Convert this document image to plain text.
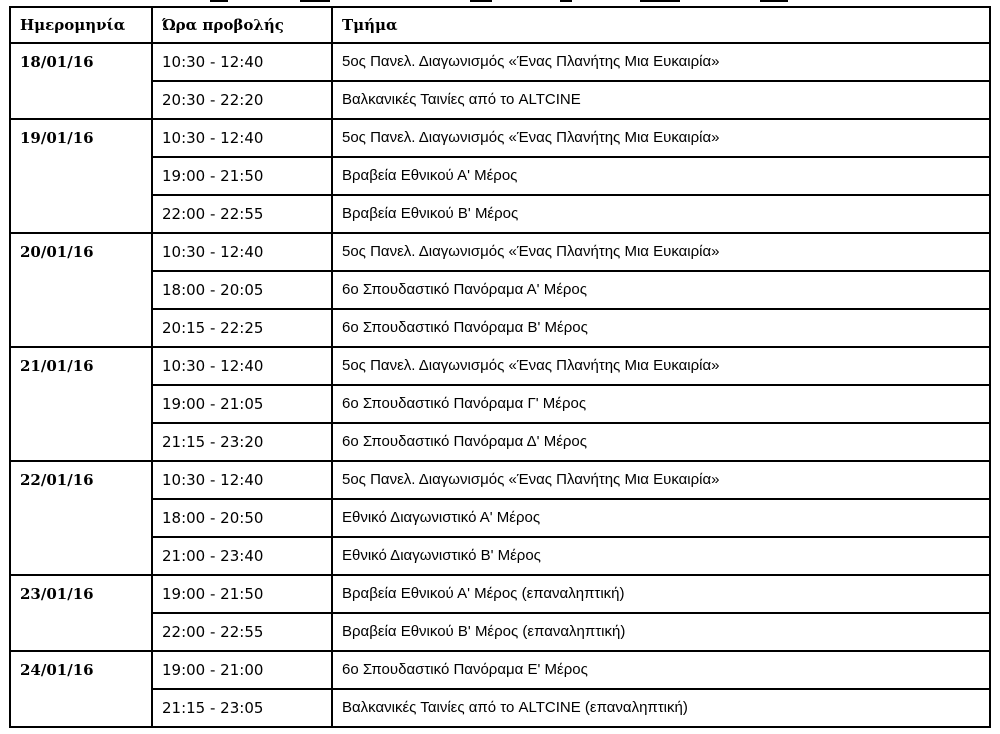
Ημερομηνία	Ώρα προβολής	Τμήμα
18/01/16	10:30 - 12:40	5ος Πανελ. Διαγωνισμός «Ένας Πλανήτης Μια Ευκαιρία»
	20:30 - 22:20	Βαλκανικές Ταινίες από το ALTCINE
19/01/16	10:30 - 12:40	5ος Πανελ. Διαγωνισμός «Ένας Πλανήτης Μια Ευκαιρία»
	19:00 - 21:50	Βραβεία Εθνικού Α' Μέρος
	22:00 - 22:55	Βραβεία Εθνικού Β' Μέρος
20/01/16	10:30 - 12:40	5ος Πανελ. Διαγωνισμός «Ένας Πλανήτης Μια Ευκαιρία»
	18:00 - 20:05	6ο Σπουδαστικό Πανόραμα Α' Μέρος
	20:15 - 22:25	6ο Σπουδαστικό Πανόραμα Β' Μέρος
21/01/16	10:30 - 12:40	5ος Πανελ. Διαγωνισμός «Ένας Πλανήτης Μια Ευκαιρία»
	19:00 - 21:05	6ο Σπουδαστικό Πανόραμα Γ' Μέρος
	21:15 - 23:20	6ο Σπουδαστικό Πανόραμα Δ' Μέρος
22/01/16	10:30 - 12:40	5ος Πανελ. Διαγωνισμός «Ένας Πλανήτης Μια Ευκαιρία»
	18:00 - 20:50	Εθνικό Διαγωνιστικό Α' Μέρος
	21:00 - 23:40	Εθνικό Διαγωνιστικό Β' Μέρος
23/01/16	19:00 - 21:50	Βραβεία Εθνικού Α' Μέρος (επαναληπτική)
	22:00 - 22:55	Βραβεία Εθνικού Β' Μέρος (επαναληπτική)
24/01/16	19:00 - 21:00	6ο Σπουδαστικό Πανόραμα Ε' Μέρος
	21:15 - 23:05	Βαλκανικές Ταινίες από το ALTCINE (επαναληπτική)
